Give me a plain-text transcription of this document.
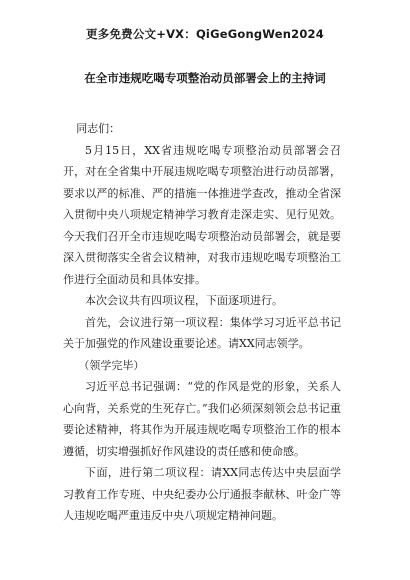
更多免费公文+VX：QiGeGongWen2024
在全市违规吃喝专项整治动员部署会上的主持词

同志们：

5月15日，XX省违规吃喝专项整治动员部署会召开，对在全省集中开展违规吃喝专项整治进行动员部署，要求以严的标准、严的措施一体推进学查改，推动全省深入贯彻中央八项规定精神学习教育走深走实、见行见效。今天我们召开全市违规吃喝专项整治动员部署会，就是要深入贯彻落实全省会议精神，对我市违规吃喝专项整治工作进行全面动员和具体安排。

本次会议共有四项议程，下面逐项进行。

首先，会议进行第一项议程：集体学习习近平总书记关于加强党的作风建设重要论述。请XX同志领学。

（领学完毕）

习近平总书记强调：“党的作风是党的形象，关系人心向背，关系党的生死存亡。”我们必须深刻领会总书记重要论述精神，将其作为开展违规吃喝专项整治工作的根本遵循，切实增强抓好作风建设的责任感和使命感。

下面，进行第二项议程：请XX同志传达中央层面学习教育工作专班、中央纪委办公厅通报李献林、叶金广等人违规吃喝严重违反中央八项规定精神问题。
